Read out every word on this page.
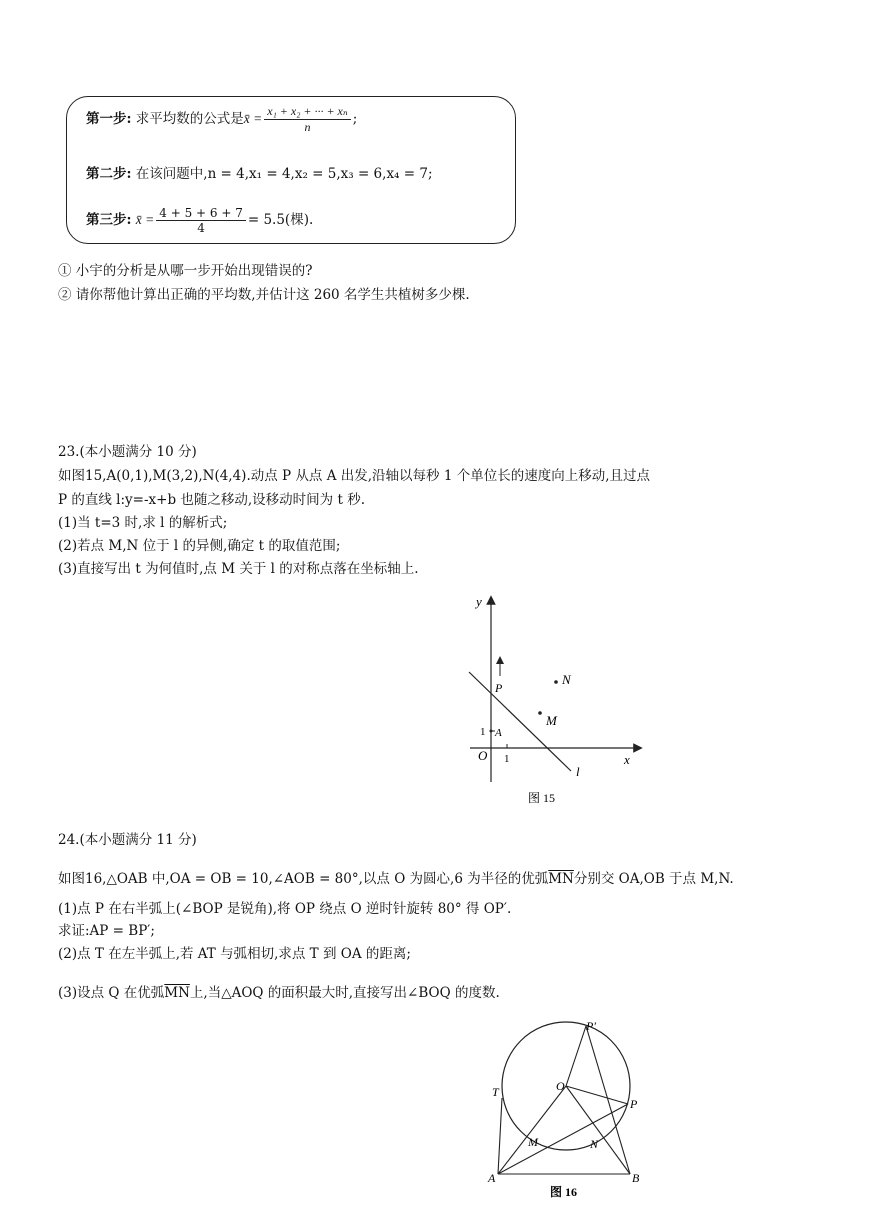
第一步: 求平均数的公式是x̄ = $\frac{\text{x₁ + x₂ + ··· + xₙ}}{n}$ ;
第二步: 在该问题中,n = 4,x₁ = 4,x₂ = 5,x₃ = 6,x₄ = 7;
第三步: x̄ = $\frac{4 + 5 + 6 + 7}{4} = 5.5$(棵).
① 小宇的分析是从哪一步开始出现错误的?
② 请你帮他计算出正确的平均数,并估计这 260 名学生共植树多少棵.
23.(本小题满分 10 分)
如图15,A(0,1),M(3,2),N(4,4).动点 P 从点 A 出发,沿轴以每秒 1 个单位长的速度向上移动,且过点
P 的直线 l:y=-x+b 也随之移动,设移动时间为 t 秒.
(1)当 t=3 时,求 l 的解析式;
(2)若点 M,N 位于 l 的异侧,确定 t 的取值范围;
(3)直接写出 t 为何值时,点 M 关于 l 的对称点落在坐标轴上.
y
x
O 1
1 A
P
N
M
l
图 15
24.(本小题满分 11 分)
如图16,△OAB 中,OA = OB = 10,∠AOB = 80°,以点 O 为圆心,6 为半径的优弧$\overline{MN}$分别交 OA,OB 于点 M,N.
(1)点 P 在右半弧上(∠BOP 是锐角),将 OP 绕点 O 逆时针旋转 80° 得 OP′.
求证:AP = BP′;
(2)点 T 在左半弧上,若 AT 与弧相切,求点 T 到 OA 的距离;
(3)设点 Q 在优弧$\overline{MN}$上,当△AOQ 的面积最大时,直接写出∠BOQ 的度数.
P′
O
T
P
M	N
A	B
图 16
